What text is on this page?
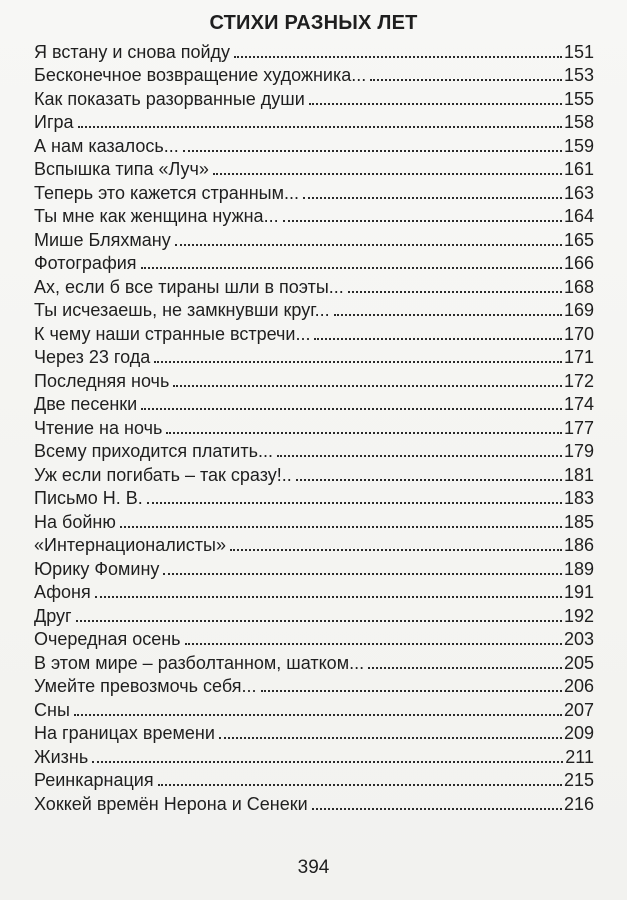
СТИХИ РАЗНЫХ ЛЕТ
Я встану и снова пойду	151
Бесконечное возвращение художника...	153
Как показать разорванные души	155
Игра	158
А нам казалось...	159
Вспышка типа «Луч»	161
Теперь это кажется странным...	163
Ты мне как женщина нужна...	164
Мише Бляхману	165
Фотография	166
Ах, если б все тираны шли в поэты...	168
Ты исчезаешь, не замкнувши круг...	169
К чему наши странные встречи...	170
Через 23 года	171
Последняя ночь	172
Две песенки	174
Чтение на ночь	177
Всему приходится платить...	179
Уж если погибать – так сразу!..	181
Письмо Н. В.	183
На бойню	185
«Интернационалисты»	186
Юрику Фомину	189
Афоня	191
Друг	192
Очередная осень	203
В этом мире – разболтанном, шатком...	205
Умейте превозмочь себя...	206
Сны	207
На границах времени	209
Жизнь	211
Реинкарнация	215
Хоккей времён Нерона и Сенеки	216
394
